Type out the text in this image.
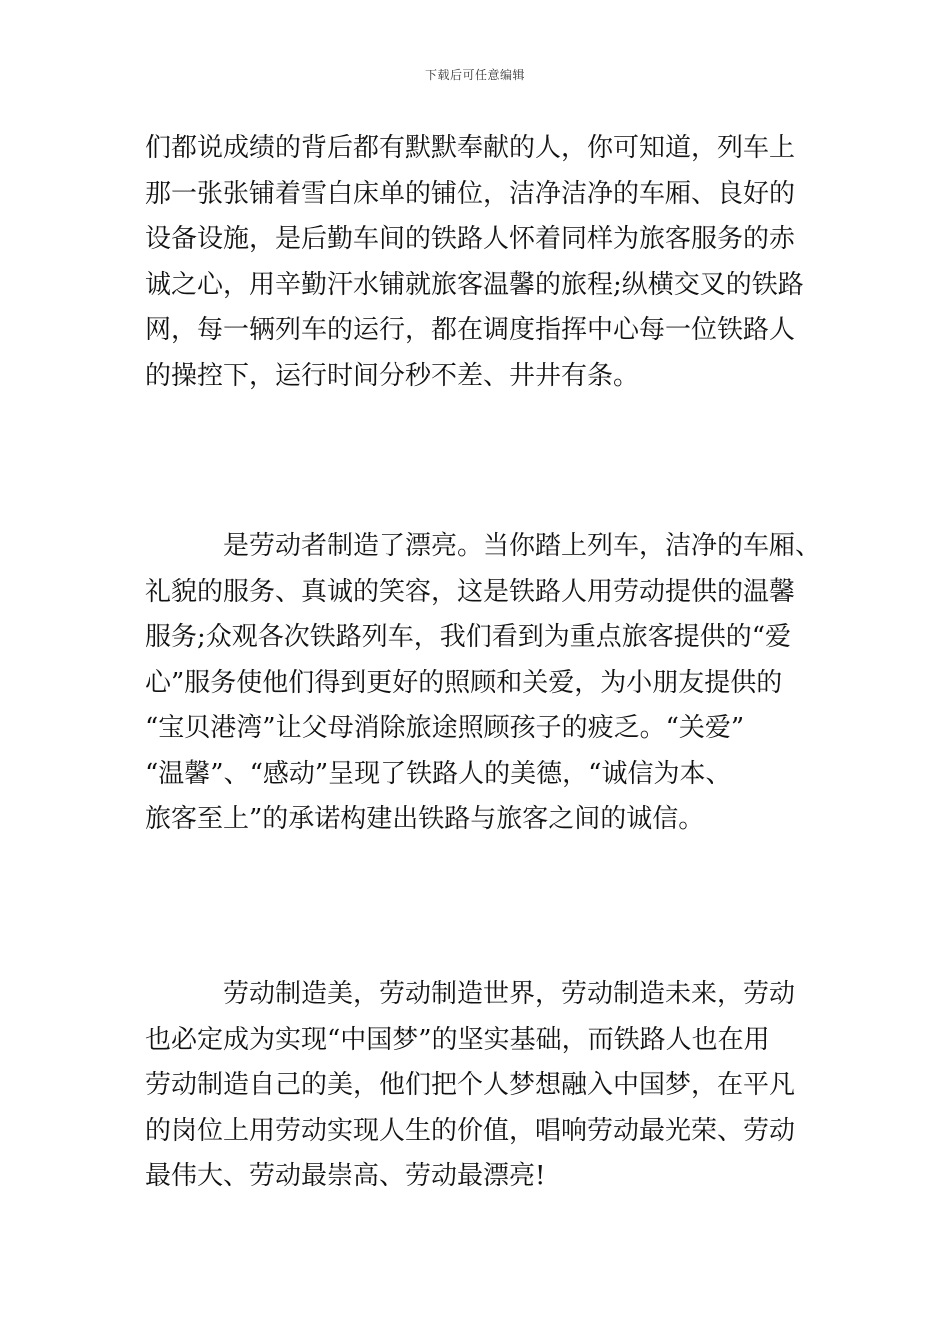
下载后可任意编辑

们都说成绩的背后都有默默奉献的人，你可知道，列车上
那一张张铺着雪白床单的铺位，洁净洁净的车厢、良好的
设备设施，是后勤车间的铁路人怀着同样为旅客服务的赤
诚之心，用辛勤汗水铺就旅客温馨的旅程;纵横交叉的铁路
网，每一辆列车的运行，都在调度指挥中心每一位铁路人
的操控下，运行时间分秒不差、井井有条。

　　　是劳动者制造了漂亮。当你踏上列车，洁净的车厢、
礼貌的服务、真诚的笑容，这是铁路人用劳动提供的温馨
服务;众观各次铁路列车，我们看到为重点旅客提供的“爱
心”服务使他们得到更好的照顾和关爱，为小朋友提供的
“宝贝港湾”让父母消除旅途照顾孩子的疲乏。“关爱”
“温馨”、“感动”呈现了铁路人的美德，“诚信为本、
旅客至上”的承诺构建出铁路与旅客之间的诚信。

　　　劳动制造美，劳动制造世界，劳动制造未来，劳动
也必定成为实现“中国梦”的坚实基础，而铁路人也在用
劳动制造自己的美，他们把个人梦想融入中国梦，在平凡
的岗位上用劳动实现人生的价值，唱响劳动最光荣、劳动
最伟大、劳动最崇高、劳动最漂亮!
